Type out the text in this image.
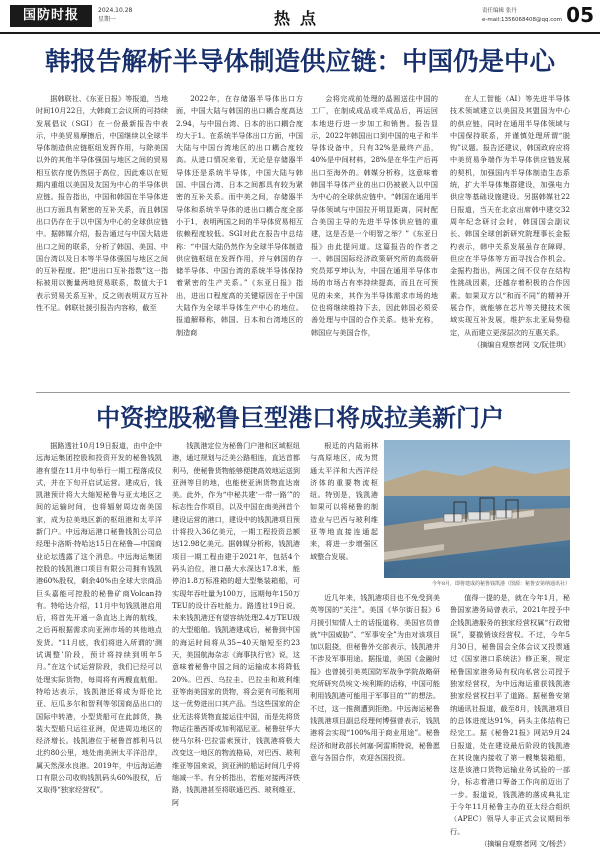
国防时报	2024.10.28
星期一	热点	责任编辑 张丹
e-mail:1356068408@qq.com 05
韩报告解析半导体制造供应链：中国仍是中心

据韩联社、《东亚日报》等报道，当地时间10月22日，大韩商工会议所的可持续发展倡议（SGI）在一份最新报告中表示，中美贸易摩擦后，中国继续以全球半导体制造供应链枢纽发挥作用，与除美国以外的其他半导体强国与地区之间的贸易相互依存度仍然居于高位，因此难以在短期内重组以美国及友国为中心的半导体供应链。报告指出，中国和韩国在半导体进出口方面具有紧密的互补关系，而且韩国出口仍存在于以中国为中心的全球供应链中。据韩媒介绍，报告通过与中国大陆进出口之间的联系，分析了韩国、美国、中国台湾以及日本等半导体强国与地区之间的互补程度。把“进出口互补指数”这一指标被用以衡量两地贸易联系，数值大于1表示贸易关系互补，反之则表明双方互补性不足。韩联社援引报告内容称，截至

2022年，在存储器半导体出口方面，中国大陆与韩国的出口耦合度高达2.94，与中国台湾、日本的出口耦合度均大于1。在系统半导体出口方面，中国大陆与中国台湾地区的出口耦合度较高。从进口情况来看，无论是存储器半导体还是系统半导体，中国大陆与韩国、中国台湾、日本之间都具有较为紧密的互补关系。而中美之间，存储器半导体和系统半导体的进出口耦合度全部小于1，表明两国之间的半导体贸易相互依赖程度较低。SGI对此在报告中总结称：“中国大陆仍然作为全球半导体制造供应链枢纽在发挥作用，并与韩国的存储半导体、中国台湾的系统半导体保持着紧密的生产关系。”《东亚日报》指出，进出口程度高的关键原因在于中国大陆作为全球半导体生产中心的地位。报道解释称，韩国、日本和台湾地区的制造商

会将完成前处理的晶圆送往中国的工厂，在制成成品或半成品后，再运回本地进行进一步加工和销售。报告显示，2022年韩国出口到中国的电子和半导体设备中，只有32%是最终产品，40%是中间材料，28%是在华生产后再出口至海外的。韩媒分析称，这意味着韩国半导体产业的出口仍被嵌入以中国为中心的全球供应链中。“韩国在通用半导体领域与中国拉开明显距离，同时配合美国主导的先进半导体供应链的重建，这是否是一个明智之举？”《东亚日报》由此提问道。这篇报告的作者之一、韩国国际经济政策研究所的高级研究员郑亨坤认为，中国在通用半导体市场的市场占有率持续提高，而且在可预见的未来，其作为半导体需求市场的地位也将继续维持下去，因此韩国必须妥善处理与中国的合作关系。他补充称，韩国应与美国合作，

在人工智能（AI）等先进半导体技术领域建立以美国及其盟国为中心的供应链，同时在通用半导体领域与中国保持联系，并谨慎处理所谓“脱钩”议题。报告还建议，韩国政府应将中美贸易争端作为半导体供应链发展的契机，加强国内半导体制造生态系统，扩大半导体集群建设，加强电力供应等基础设施建设。另据韩媒社22日报道，当天在北京出席韩中建交32周年纪念研讨会时，韩国国会副议长、韩国全球创新研究院理事长金振杓表示，韩中关系发展虽存在障碍，但应在半导体等方面寻找合作机会。金振杓指出，两国之间不仅存在结构性挑战因素，还越存着积极的合作因素。如果双方以“和而不同”的精神开展合作，就能够在芯片等关键技术领域实现互补发展，维护东北亚局势稳定，从而建立更深层次的互惠关系。

（摘编自观察者网 文/阮佳琪）

中资控股秘鲁巨型港口将成拉美新门户

据路透社10月19日报道，由中企中远海运集团控股和投资开发的秘鲁钱凯港有望在11月中旬举行一期工程落成仪式，并在下旬开启试运营。建成后，钱凯港预计将大大缩短秘鲁与亚太地区之间的运输时间，也将辐射周边南美国家，成为拉美地区新的枢纽港和太平洋新门户。中远海运港口秘鲁钱凯公司总经理卡洛斯·特哈达15日在秘鲁—中国商业论坛透露了这个消息。中远海运集团控股的钱凯港口项目有限公司拥有钱凯港60%股权，剩余40%由全球大宗商品巨头嘉能可控股的秘鲁矿商Volcan持有。特哈达介绍，11月中旬钱凯港启用后，将首先开通一条直达上海的航线，之后再根据需求向亚洲市场的其他地点发货。“11月底，我们将进入所谓的‘测试调整’阶段，预计将持续到明年5月。”在这个试运营阶段，我们已经可以处理实际货物，每周将有两艘直航船。特哈达表示，钱凯港还将成为哥伦比亚、厄瓜多尔和智利等邻国商品出口的国际中转港，小型货船可在此卸货，换装大型船只运往亚洲，促进周边地区的经济增长。钱凯港位于秘鲁首都利马以北约80公里，地处南美洲太平洋沿岸，属天然深水良港。2019年，中远海运港口有限公司收购钱凯码头60%股权，后又取得“独家经营权”。

钱凯港定位为秘鲁门户港和区域枢纽港，通过规划与泛美公路相连，直达首都利马，使秘鲁货物能够便捷高效地运送到亚洲等目的地，也能使亚洲货物直达南美。此外，作为“中秘共建‘一带一路’”的标志性合作项目，以及中国在南美洲首个建设运营的港口，建设中的钱凯港项目预计将投入36亿美元，一期工程投资总额达12.98亿美元。据韩媒分析称，钱凯港项目一期工程由建于2021年，包括4个码头泊位，港口最大水深达17.8米，能停泊1.8万标准箱的超大型集装箱船，可实现年吞吐量为100万，远期每年150万TEU的设计吞吐能力。路透社19日说，未来钱凯港还有望容纳处理2.4万TEU级的大型船舶。钱凯港建成后，秘鲁到中国的海运时间将从35~40天缩短至约23天，美国航海杂志《海事执行官》说，这意味着秘鲁中国之间的运输成本将降低20%。巴西、乌拉圭、巴拉圭和玻利维亚等南美国家的货物，将会更有可能利用这一优势进出口其产品。当这些国家的企业无法将货物直接运往中国，而是先将货物运往墨西哥或加利福尼亚。秘鲁驻华大使马尔科·巴拉雷索预计，钱凯港将极大改变这一地区的物流格局，对巴西、玻利维亚等国来说，到亚洲的船运时间几乎将缩减一半。有分析指出，若能对接两洋铁路，钱凯港甚至将联通巴西、玻利维亚、阿

根廷的内陆雨林与高原地区，成为贯通太平洋和大西洋经济体的重要物流枢纽。特别是，钱凯港如果可以将秘鲁的制造业与巴西与玻利维亚等地直接连通起来，将进一步增强区域整合发展。

近几年来，钱凯港项目也不免受到美英等国的“关注”。美国《华尔街日报》6月援引知情人士的话报道称，美国官员曾就“中国威胁”、“军事安全”为由对该项目加以阻挠，但秘鲁外交部表示，钱凯港并不涉及军事用途。据报道，美国《金融时报》也曾援引美英国防军战争学院战略研究所研究员埃文·埃利斯的话称，中国可能利用钱凯港可能用于军事目的“”的想法。不过，这一推测遭到拒绝。中远海运秘鲁钱凯港项目副总经理何博强曾表示，钱凯港将会实现“100%用于商业用途”。秘鲁经济和财政部长何塞·阿雷斯特说，秘鲁愿意与各国合作，欢迎各国投资。

值得一提的是，就在今年1月，秘鲁国家港务局曾表示，2021年授予中企钱凯港服务的独家经营权属“行政错误”，要撤销该经营权。不过，今年5月30日，秘鲁国会全体会议又投票通过《国家港口系统法》修正案，规定秘鲁国家港务局有权向私营公司授予独家经营权，为中远海运重获钱凯港独家经营权扫平了道路。据秘鲁安第纳通讯社报道，截至8月，钱凯港项目的总体进度达91%，码头主体结构已经完工。据《秘鲁21报》网站9月24日报道，处在建设最后阶段的钱凯港在其设施内接收了第一艘集装箱船，这是该港口货物运输业务试验的一部分，标志着港口筹备工作向前迈出了一步。报道说，钱凯港的落成典礼定于今年11月秘鲁主办的亚太经合组织（APEC）领导人非正式会议期间举行。

（摘编自观察者网 文/杨芸）

今年8月，即将建成的秘鲁钱凯港（图源：秘鲁安第纳通讯社）
